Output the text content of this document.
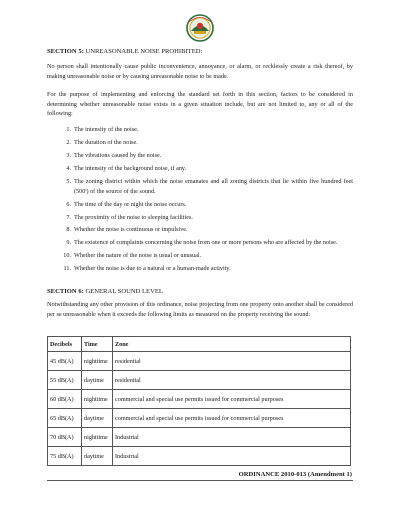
SECTION 5: UNREASONABLE NOISE PROHIBITED:
No person shall intentionally cause public inconvenience, annoyance, or alarm, or recklessly create a risk thereof, by making unreasonable noise or by causing unreasonable noise to be made.
For the purpose of implementing and enforcing the standard set forth in this section, factors to be considered in determining whether unreasonable noise exists in a given situation include, but are not limited to, any or all of the following:
1. The intensity of the noise.
2. The duration of the noise.
3. The vibrations caused by the noise.
4. The intensity of the background noise, if any.
5. The zoning district within which the noise emanates and all zoning districts that lie within five hundred feet (500') of the source of the sound.
6. The time of the day or night the noise occurs.
7. The proximity of the noise to sleeping facilities.
8. Whether the noise is continuous or impulsive.
9. The existence of complaints concerning the noise from one or more persons who are affected by the noise.
10. Whether the nature of the noise is usual or unusual.
11. Whether the noise is due to a natural or a human-made activity.
SECTION 6: GENERAL SOUND LEVEL
Notwithstanding any other provision of this ordinance, noise projecting from one property onto another shall be considered per se unreasonable when it exceeds the following limits as measured on the property receiving the sound:
Decibels	Time	Zone
45 dB(A)	nighttime	residential
55 dB(A)	daytime	residential
60 dB(A)	nighttime	commercial and special use permits issued for commercial purposes
65 dB(A)	daytime	commercial and special use permits issued for commercial purposes
70 dB(A)	nighttime	Industrial
75 dB(A)	daytime	Industrial
ORDINANCE 2010-013 (Amendment 1)
